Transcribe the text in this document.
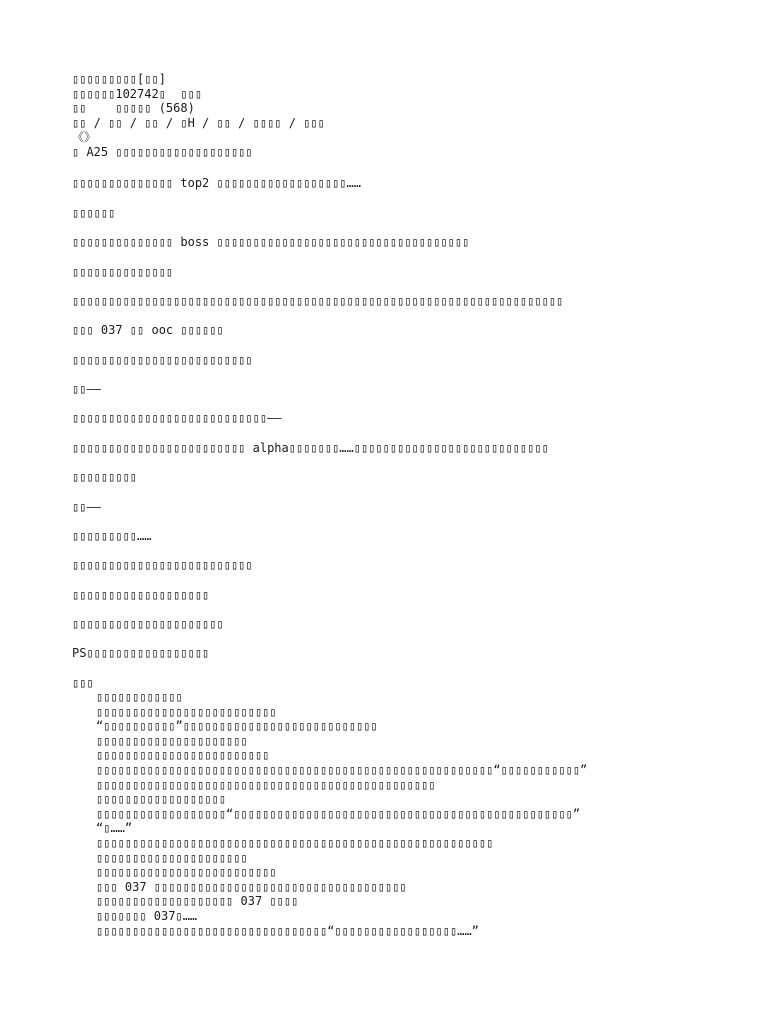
▯▯▯▯▯▯▯▯▯[▯▯]
▯▯▯▯▯▯102742▯  ▯▯▯
▯▯    ▯▯▯▯▯ (568)
▯▯ / ▯▯ / ▯▯ / ▯H / ▯▯ / ▯▯▯▯ / ▯▯▯
《》
▯ A25 ▯▯▯▯▯▯▯▯▯▯▯▯▯▯▯▯▯▯▯

▯▯▯▯▯▯▯▯▯▯▯▯▯▯ top2 ▯▯▯▯▯▯▯▯▯▯▯▯▯▯▯▯▯▯……

▯▯▯▯▯▯

▯▯▯▯▯▯▯▯▯▯▯▯▯▯ boss ▯▯▯▯▯▯▯▯▯▯▯▯▯▯▯▯▯▯▯▯▯▯▯▯▯▯▯▯▯▯▯▯▯▯▯

▯▯▯▯▯▯▯▯▯▯▯▯▯▯

▯▯▯▯▯▯▯▯▯▯▯▯▯▯▯▯▯▯▯▯▯▯▯▯▯▯▯▯▯▯▯▯▯▯▯▯▯▯▯▯▯▯▯▯▯▯▯▯▯▯▯▯▯▯▯▯▯▯▯▯▯▯▯▯▯▯▯▯

▯▯▯ 037 ▯▯ ooc ▯▯▯▯▯▯

▯▯▯▯▯▯▯▯▯▯▯▯▯▯▯▯▯▯▯▯▯▯▯▯▯

▯▯——

▯▯▯▯▯▯▯▯▯▯▯▯▯▯▯▯▯▯▯▯▯▯▯▯▯▯▯——

▯▯▯▯▯▯▯▯▯▯▯▯▯▯▯▯▯▯▯▯▯▯▯▯ alpha▯▯▯▯▯▯▯……▯▯▯▯▯▯▯▯▯▯▯▯▯▯▯▯▯▯▯▯▯▯▯▯▯▯▯

▯▯▯▯▯▯▯▯▯

▯▯——

▯▯▯▯▯▯▯▯▯……

▯▯▯▯▯▯▯▯▯▯▯▯▯▯▯▯▯▯▯▯▯▯▯▯▯

▯▯▯▯▯▯▯▯▯▯▯▯▯▯▯▯▯▯▯

▯▯▯▯▯▯▯▯▯▯▯▯▯▯▯▯▯▯▯▯▯

PS▯▯▯▯▯▯▯▯▯▯▯▯▯▯▯▯▯

▯▯▯

▯▯▯▯▯▯▯▯▯▯▯▯
▯▯▯▯▯▯▯▯▯▯▯▯▯▯▯▯▯▯▯▯▯▯▯▯▯
“▯▯▯▯▯▯▯▯▯▯”▯▯▯▯▯▯▯▯▯▯▯▯▯▯▯▯▯▯▯▯▯▯▯▯▯▯▯
▯▯▯▯▯▯▯▯▯▯▯▯▯▯▯▯▯▯▯▯▯
▯▯▯▯▯▯▯▯▯▯▯▯▯▯▯▯▯▯▯▯▯▯▯▯
▯▯▯▯▯▯▯▯▯▯▯▯▯▯▯▯▯▯▯▯▯▯▯▯▯▯▯▯▯▯▯▯▯▯▯▯▯▯▯▯▯▯▯▯▯▯▯▯▯▯▯▯▯▯▯“▯▯▯▯▯▯▯▯▯▯▯”
▯▯▯▯▯▯▯▯▯▯▯▯▯▯▯▯▯▯▯▯▯▯▯▯▯▯▯▯▯▯▯▯▯▯▯▯▯▯▯▯▯▯▯▯▯▯▯
▯▯▯▯▯▯▯▯▯▯▯▯▯▯▯▯▯▯
▯▯▯▯▯▯▯▯▯▯▯▯▯▯▯▯▯▯“▯▯▯▯▯▯▯▯▯▯▯▯▯▯▯▯▯▯▯▯▯▯▯▯▯▯▯▯▯▯▯▯▯▯▯▯▯▯▯▯▯▯▯▯▯▯▯”
“▯……”
▯▯▯▯▯▯▯▯▯▯▯▯▯▯▯▯▯▯▯▯▯▯▯▯▯▯▯▯▯▯▯▯▯▯▯▯▯▯▯▯▯▯▯▯▯▯▯▯▯▯▯▯▯▯▯
▯▯▯▯▯▯▯▯▯▯▯▯▯▯▯▯▯▯▯▯▯
▯▯▯▯▯▯▯▯▯▯▯▯▯▯▯▯▯▯▯▯▯▯▯▯▯
▯▯▯ 037 ▯▯▯▯▯▯▯▯▯▯▯▯▯▯▯▯▯▯▯▯▯▯▯▯▯▯▯▯▯▯▯▯▯▯▯
▯▯▯▯▯▯▯▯▯▯▯▯▯▯▯▯▯▯▯ 037 ▯▯▯▯
▯▯▯▯▯▯▯ 037▯……
▯▯▯▯▯▯▯▯▯▯▯▯▯▯▯▯▯▯▯▯▯▯▯▯▯▯▯▯▯▯▯▯“▯▯▯▯▯▯▯▯▯▯▯▯▯▯▯▯▯……”
